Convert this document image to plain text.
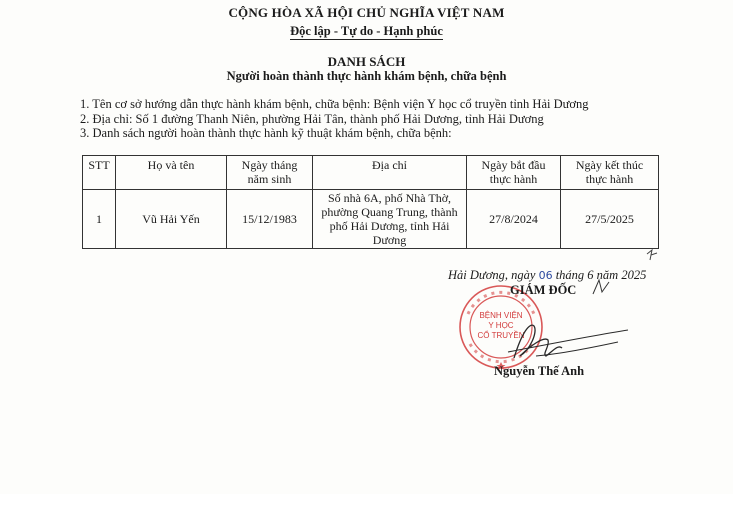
CỘNG HÒA XÃ HỘI CHỦ NGHĨA VIỆT NAM
Độc lập - Tự do - Hạnh phúc
DANH SÁCH
Người hoàn thành thực hành khám bệnh, chữa bệnh
1. Tên cơ sở hướng dẫn thực hành khám bệnh, chữa bệnh: Bệnh viện Y học cổ truyền tỉnh Hải Dương
2. Địa chỉ: Số 1 đường Thanh Niên, phường Hải Tân, thành phố Hải Dương, tỉnh Hải Dương
3. Danh sách người hoàn thành thực hành kỹ thuật khám bệnh, chữa bệnh:
STT	Họ và tên	Ngày tháng năm sinh	Địa chỉ	Ngày bắt đầu thực hành	Ngày kết thúc thực hành
1	Vũ Hải Yến	15/12/1983	Số nhà 6A, phố Nhà Thờ, phường Quang Trung, thành phố Hải Dương, tỉnh Hải Dương	27/8/2024	27/5/2025
Hải Dương, ngày 06 tháng 6 năm 2025
BỆNH VIỆN
Y HỌC
CỔ TRUYỀN
GIÁM ĐỐC
Nguyễn Thế Anh
